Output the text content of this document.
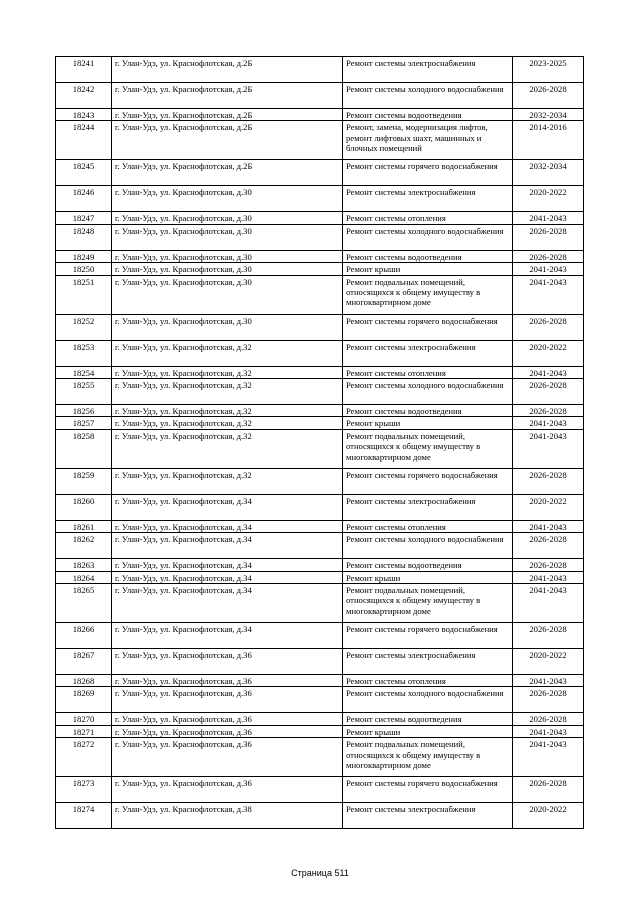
18241	г. Улан-Удэ, ул. Краснофлотская, д.2Б	Ремонт системы электроснабжения	2023-2025
18242	г. Улан-Удэ, ул. Краснофлотская, д.2Б	Ремонт системы холодного водоснабжения	2026-2028
18243	г. Улан-Удэ, ул. Краснофлотская, д.2Б	Ремонт системы водоотведения	2032-2034
18244	г. Улан-Удэ, ул. Краснофлотская, д.2Б	Ремонт, замена, модернизация лифтов, ремонт лифтовых шахт, машинных и блочных помещений	2014-2016
18245	г. Улан-Удэ, ул. Краснофлотская, д.2Б	Ремонт системы горячего водоснабжения	2032-2034
18246	г. Улан-Удэ, ул. Краснофлотская, д.30	Ремонт системы электроснабжения	2020-2022
18247	г. Улан-Удэ, ул. Краснофлотская, д.30	Ремонт системы отопления	2041-2043
18248	г. Улан-Удэ, ул. Краснофлотская, д.30	Ремонт системы холодного водоснабжения	2026-2028
18249	г. Улан-Удэ, ул. Краснофлотская, д.30	Ремонт системы водоотведения	2026-2028
18250	г. Улан-Удэ, ул. Краснофлотская, д.30	Ремонт крыши	2041-2043
18251	г. Улан-Удэ, ул. Краснофлотская, д.30	Ремонт подвальных помещений, относящихся к общему имуществу в многоквартирном доме	2041-2043
18252	г. Улан-Удэ, ул. Краснофлотская, д.30	Ремонт системы горячего водоснабжения	2026-2028
18253	г. Улан-Удэ, ул. Краснофлотская, д.32	Ремонт системы электроснабжения	2020-2022
18254	г. Улан-Удэ, ул. Краснофлотская, д.32	Ремонт системы отопления	2041-2043
18255	г. Улан-Удэ, ул. Краснофлотская, д.32	Ремонт системы холодного водоснабжения	2026-2028
18256	г. Улан-Удэ, ул. Краснофлотская, д.32	Ремонт системы водоотведения	2026-2028
18257	г. Улан-Удэ, ул. Краснофлотская, д.32	Ремонт крыши	2041-2043
18258	г. Улан-Удэ, ул. Краснофлотская, д.32	Ремонт подвальных помещений, относящихся к общему имуществу в многоквартирном доме	2041-2043
18259	г. Улан-Удэ, ул. Краснофлотская, д.32	Ремонт системы горячего водоснабжения	2026-2028
18260	г. Улан-Удэ, ул. Краснофлотская, д.34	Ремонт системы электроснабжения	2020-2022
18261	г. Улан-Удэ, ул. Краснофлотская, д.34	Ремонт системы отопления	2041-2043
18262	г. Улан-Удэ, ул. Краснофлотская, д.34	Ремонт системы холодного водоснабжения	2026-2028
18263	г. Улан-Удэ, ул. Краснофлотская, д.34	Ремонт системы водоотведения	2026-2028
18264	г. Улан-Удэ, ул. Краснофлотская, д.34	Ремонт крыши	2041-2043
18265	г. Улан-Удэ, ул. Краснофлотская, д.34	Ремонт подвальных помещений, относящихся к общему имуществу в многоквартирном доме	2041-2043
18266	г. Улан-Удэ, ул. Краснофлотская, д.34	Ремонт системы горячего водоснабжения	2026-2028
18267	г. Улан-Удэ, ул. Краснофлотская, д.36	Ремонт системы электроснабжения	2020-2022
18268	г. Улан-Удэ, ул. Краснофлотская, д.36	Ремонт системы отопления	2041-2043
18269	г. Улан-Удэ, ул. Краснофлотская, д.36	Ремонт системы холодного водоснабжения	2026-2028
18270	г. Улан-Удэ, ул. Краснофлотская, д.36	Ремонт системы водоотведения	2026-2028
18271	г. Улан-Удэ, ул. Краснофлотская, д.36	Ремонт крыши	2041-2043
18272	г. Улан-Удэ, ул. Краснофлотская, д.36	Ремонт подвальных помещений, относящихся к общему имуществу в многоквартирном доме	2041-2043
18273	г. Улан-Удэ, ул. Краснофлотская, д.36	Ремонт системы горячего водоснабжения	2026-2028
18274	г. Улан-Удэ, ул. Краснофлотская, д.38	Ремонт системы электроснабжения	2020-2022
Страница 511
